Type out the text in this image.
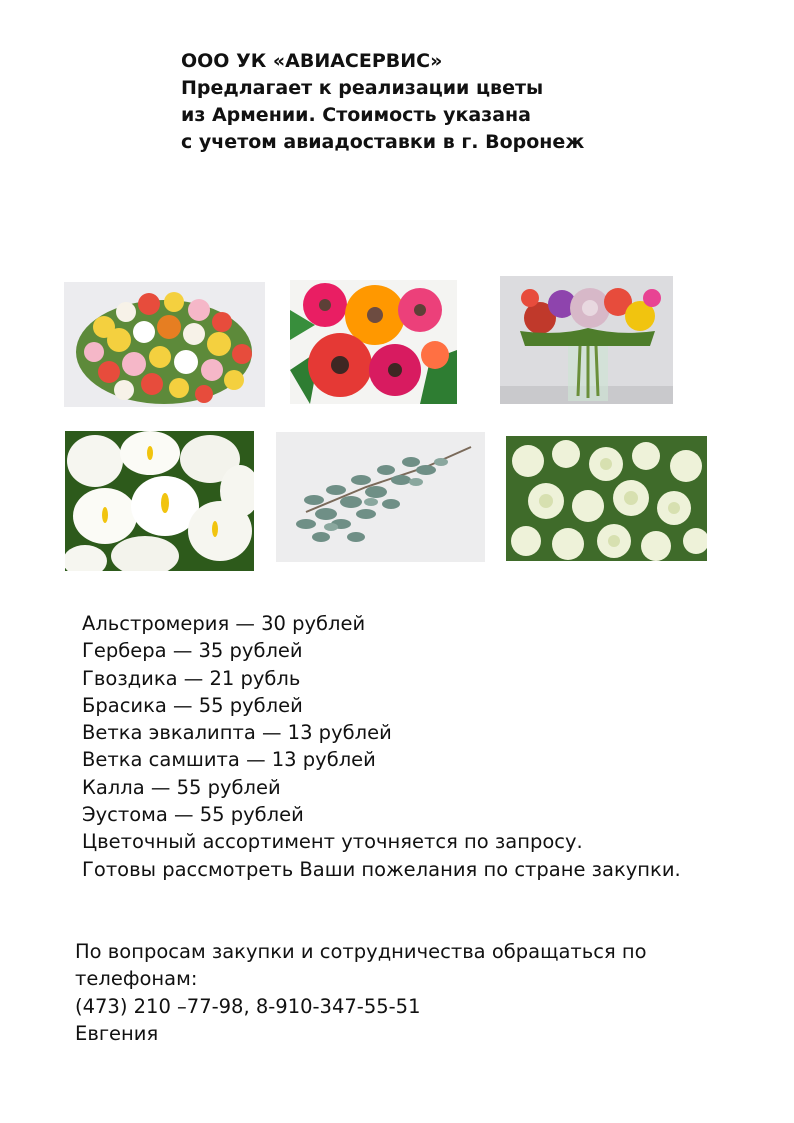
ООО УК «АВИАСЕРВИС»
Предлагает к реализации цветы
из Армении. Стоимость указана
с учетом авиадоставки в г. Воронеж
Альстромерия — 30 рублей
Гербера — 35 рублей
Гвоздика — 21 рубль
Брасика — 55 рублей
Ветка эвкалипта — 13 рублей
Ветка самшита — 13 рублей
Калла — 55 рублей
Эустома — 55 рублей
Цветочный ассортимент уточняется по запросу.
Готовы рассмотреть Ваши пожелания по стране закупки.
По вопросам закупки и сотрудничества обращаться по
телефонам:
(473) 210 –77-98, 8-910-347-55-51
Евгения
